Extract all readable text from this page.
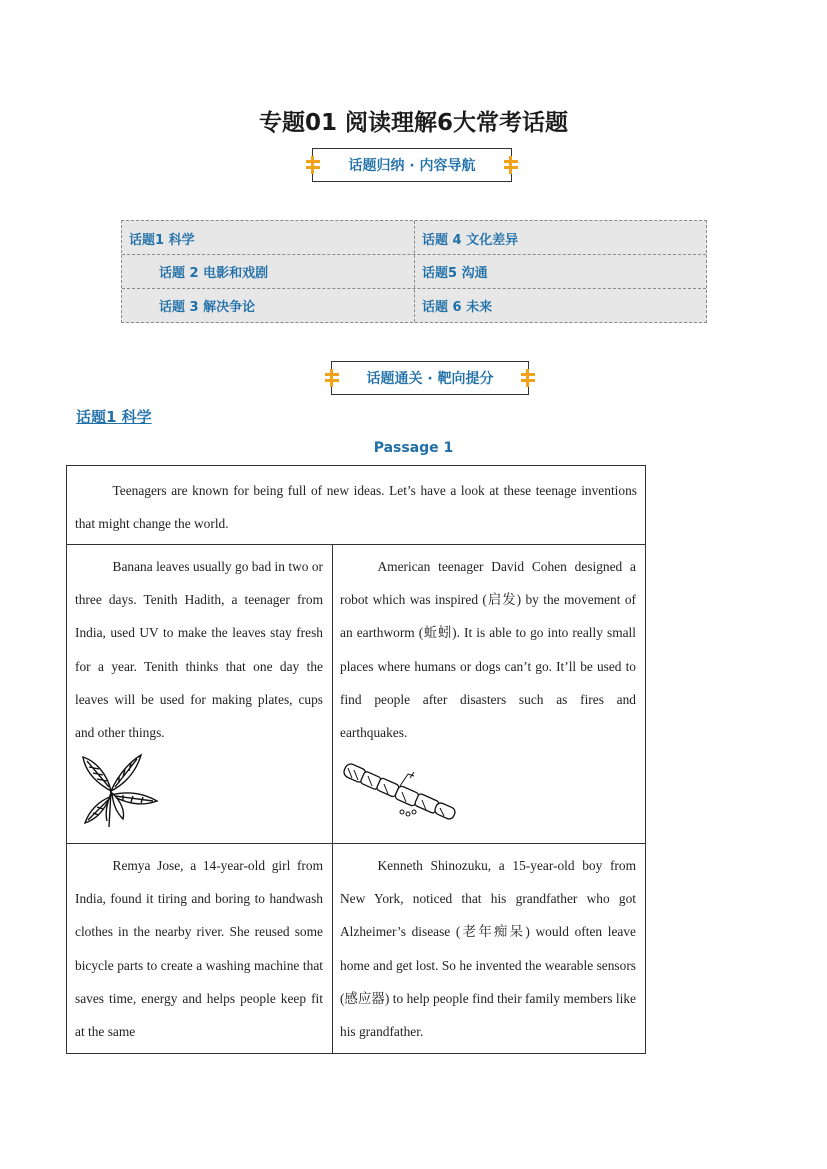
专题01 阅读理解6大常考话题
话题归纳 · 内容导航
话题1 科学
话题 2 电影和戏剧
话题 3 解决争论
话题 4 文化差异
话题5 沟通
话题 6 未来
话题通关 · 靶向提分
话题1 科学
Passage 1
Teenagers are known for being full of new ideas. Let’s have a look at these teenage inventions that might change the world.
Banana leaves usually go bad in two or three days. Tenith Hadith, a teenager from India, used UV to make the leaves stay fresh for a year. Tenith thinks that one day the leaves will be used for making plates, cups and other things.
American teenager David Cohen designed a robot which was inspired (启发) by the movement of an earthworm (蚯蚓). It is able to go into really small places where humans or dogs can’t go. It’ll be used to find people after disasters such as fires and earthquakes.
Remya Jose, a 14-year-old girl from India, found it tiring and boring to handwash clothes in the nearby river. She reused some bicycle parts to create a washing machine that saves time, energy and helps people keep fit at the same
Kenneth Shinozuku, a 15-year-old boy from New York, noticed that his grandfather who got Alzheimer’s disease (老年痴呆) would often leave home and get lost. So he invented the wearable sensors (感应器) to help people find their family members like his grandfather.
